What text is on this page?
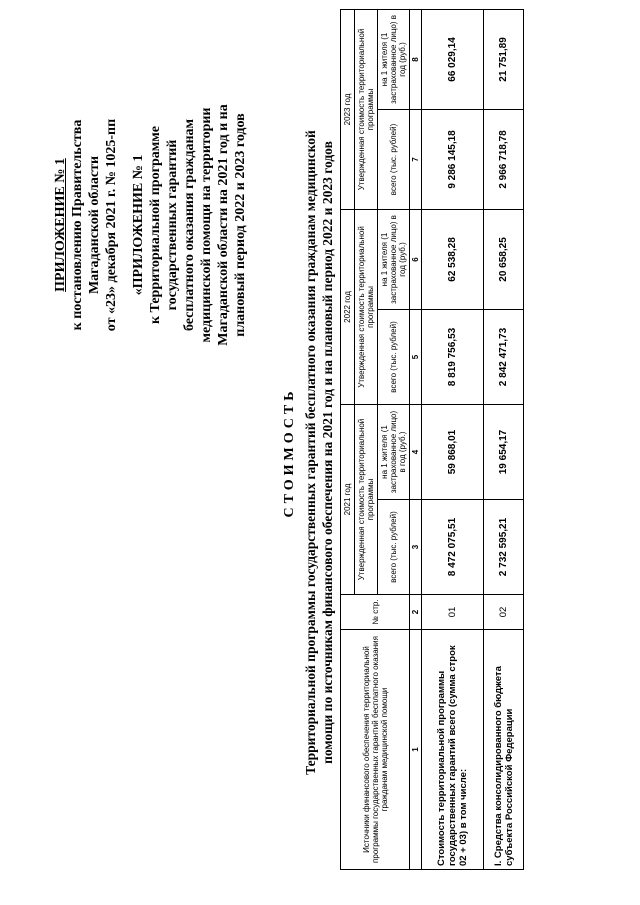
ПРИЛОЖЕНИЕ № 1 к постановлению Правительства Магаданской области от «23» декабря 2021 г. № 1025-пп «ПРИЛОЖЕНИЕ № 1 к Территориальной программе государственных гарантий бесплатного оказания гражданам медицинской помощи на территории Магаданской области на 2021 год и на плановый период 2022 и 2023 годов
СТОИМОСТЬ Территориальной программы государственных гарантий бесплатного оказания гражданам медицинской помощи по источникам финансового обеспечения на 2021 год и на плановый период 2022 и 2023 годов	Источники финансового обеспечения территориальной программы государственных гарантий бесплатного оказания гражданам медицинской помощи	№ стр.	2021 год		2022 год		2023 год	
		Утвержденная стоимость территориальной программы		Утвержденная стоимость территориальной программы		Утвержденная стоимость территориальной программы	
		всего (тыс. рублей)	на 1 жителя (1 застрахованное лицо) в год (руб.)	всего (тыс. рублей)	на 1 жителя (1 застрахованное лицо) в год (руб.)	всего (тыс. рублей)	на 1 жителя (1 застрахованное лицо) в год (руб.)
1	2	3	4	5	6	7	8
Стоимость территориальной программы государственных гарантий всего (сумма строк 02 + 03) в том числе:	01	8 472 075,51	59 868,01	8 819 756,53	62 538,28	9 286 145,18	66 029,14
I. Средства консолидированного бюджета субъекта Российской Федерации	02	2 732 595,21	19 654,17	2 842 471,73	20 658,25	2 966 718,78	21 751,89
